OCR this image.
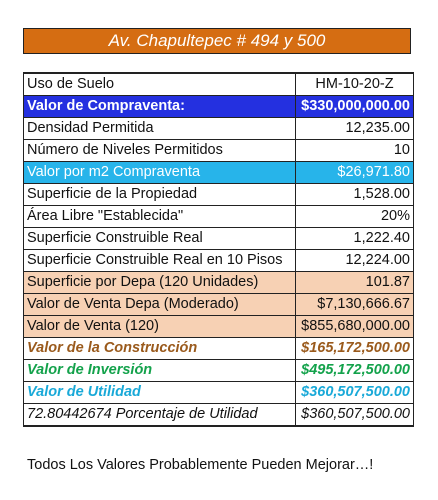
Av. Chapultepec # 494 y 500
Uso de Suelo	HM-10-20-Z
Valor de Compraventa:	$330,000,000.00
Densidad Permitida	12,235.00
Número de Niveles Permitidos	10
Valor por m2 Compraventa	$26,971.80
Superficie de la Propiedad	1,528.00
Área Libre "Establecida"	20%
Superficie Construible Real	1,222.40
Superficie Construible Real en 10 Pisos	12,224.00
Superficie por Depa (120 Unidades)	101.87
Valor de Venta Depa (Moderado)	$7,130,666.67
Valor de Venta (120)	$855,680,000.00
Valor de la Construcción	$165,172,500.00
Valor de Inversión	$495,172,500.00
Valor de Utilidad	$360,507,500.00
72.80442674 Porcentaje de Utilidad	$360,507,500.00
Todos Los Valores Probablemente Pueden Mejorar…!
